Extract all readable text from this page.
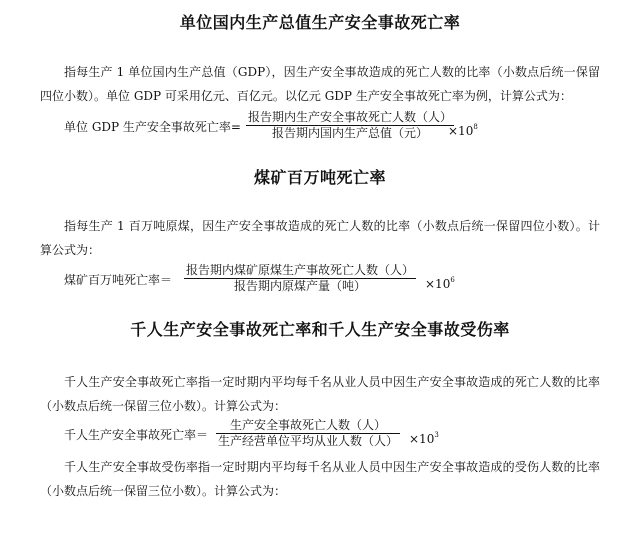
单位国内生产总值生产安全事故死亡率
指每生产 1 单位国内生产总值（GDP），因生产安全事故造成的死亡人数的比率（小数点后统一保留四位小数）。单位 GDP 可采用亿元、百亿元。以亿元 GDP 生产安全事故死亡率为例，计算公式为：
单位 GDP 生产安全事故死亡率=
报告期内生产安全事故死亡人数（人）
报告期内国内生产总值（元） $\times 10^8$
煤矿百万吨死亡率
指每生产 1 百万吨原煤，因生产安全事故造成的死亡人数的比率（小数点后统一保留四位小数）。计算公式为：
煤矿百万吨死亡率＝
报告期内煤矿原煤生产事故死亡人数（人）
报告期内原煤产量（吨）	$\times 10^6$
千人生产安全事故死亡率和千人生产安全事故受伤率
千人生产安全事故死亡率指一定时期内平均每千名从业人员中因生产安全事故造成的死亡人数的比率（小数点后统一保留三位小数）。计算公式为：
千人生产安全事故死亡率＝
生产安全事故死亡人数（人）
生产经营单位平均从业人数（人） $\times 10^3$
千人生产安全事故受伤率指一定时期内平均每千名从业人员中因生产安全事故造成的受伤人数的比率（小数点后统一保留三位小数）。计算公式为：
